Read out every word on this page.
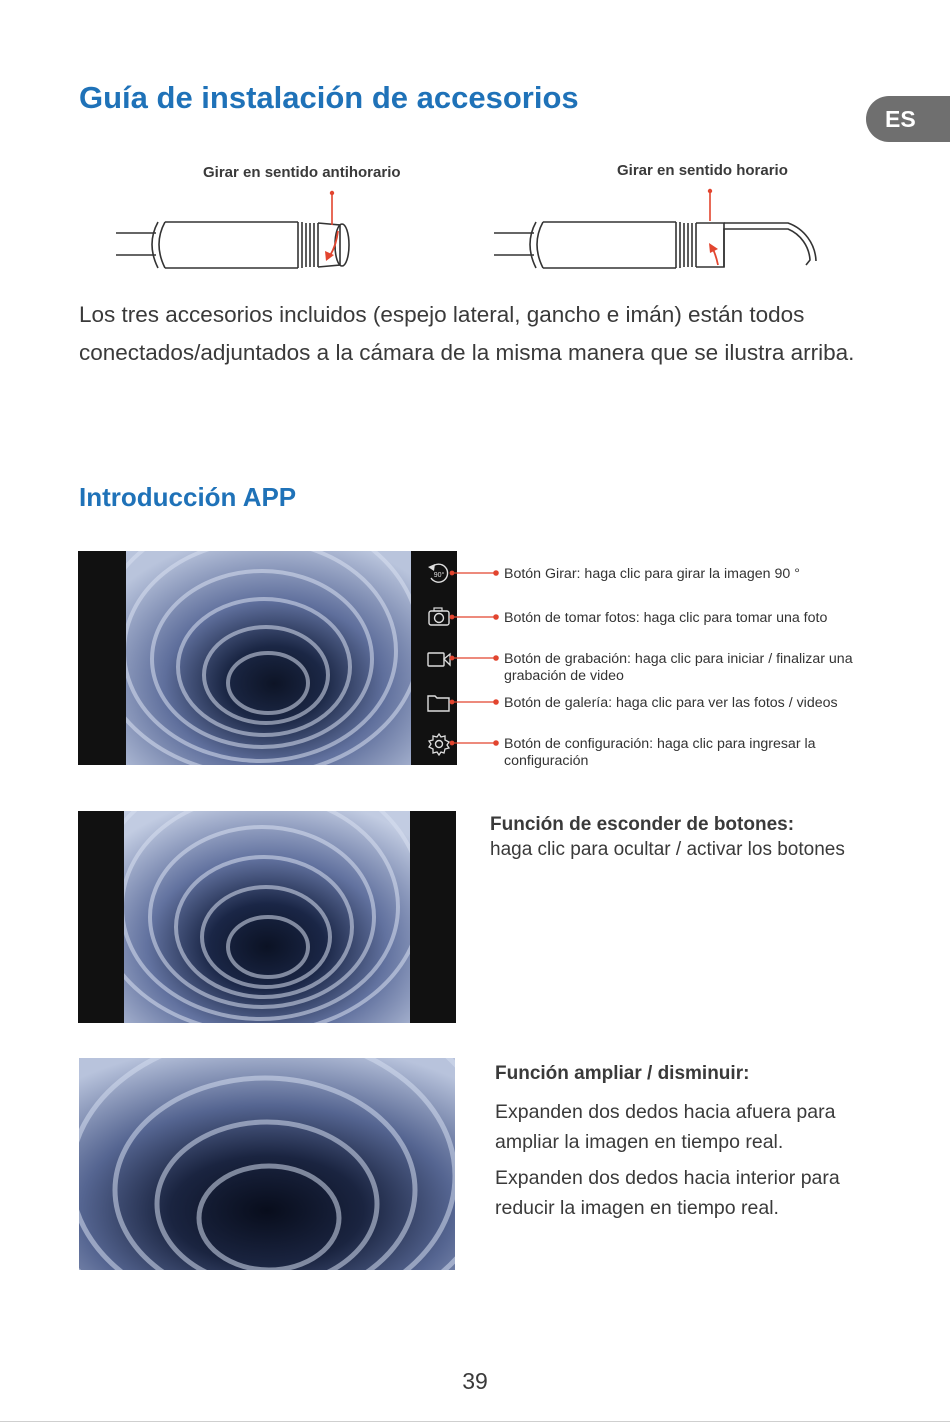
Guía de instalación de accesorios
ES
Girar en sentido antihorario	Girar en sentido horario
Los tres accesorios incluidos (espejo lateral, gancho e imán) están todos conectados/adjuntados a la cámara de la misma manera que se ilustra arriba.
Introducción APP
90°	Botón Girar: haga clic para girar la imagen 90 °
Botón de tomar fotos: haga clic para tomar una foto
Botón de grabación: haga clic para iniciar / finalizar una grabación de video
Botón de galería: haga clic para ver las fotos / videos
Botón de configuración: haga clic para ingresar la configuración
Función de esconder de botones:
haga clic para ocultar / activar los botones
Función ampliar / disminuir:
Expanden dos dedos hacia afuera para ampliar la imagen en tiempo real.
Expanden dos dedos hacia interior para reducir la imagen en tiempo real.
39
